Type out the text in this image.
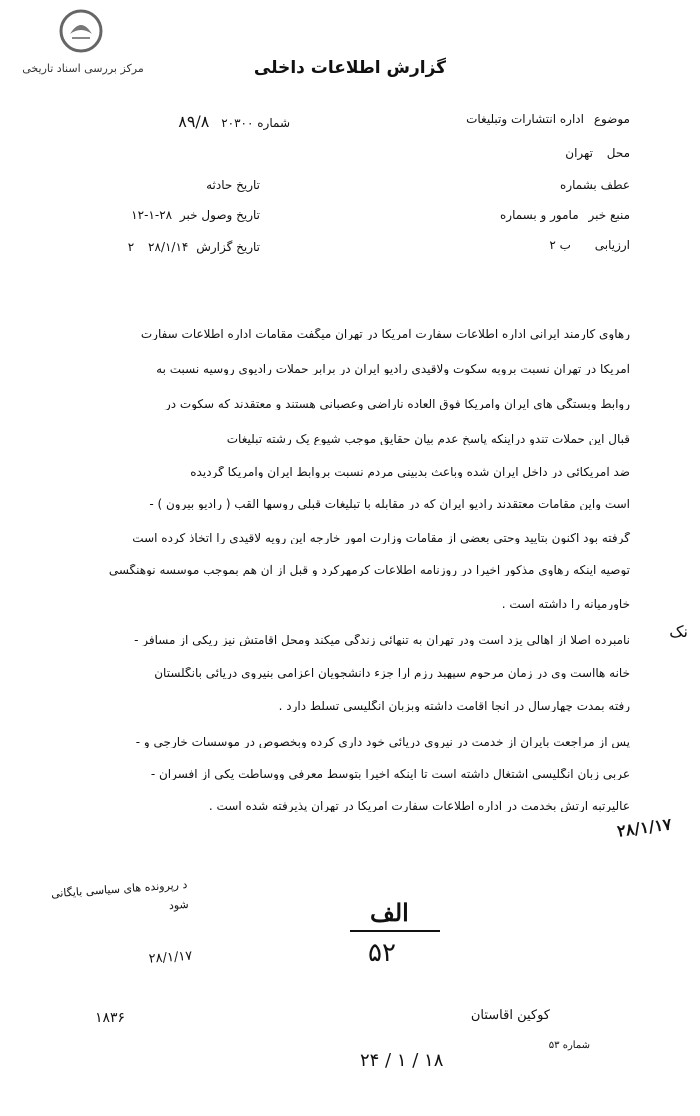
مرکز بررسی اسناد تاریخی	گزارش اطلاعات داخلی
موضوع اداره انتشارات وتبلیغات
محل تهران
عطف بشماره
منبع خبر مامور و بسماره
ارزیابی ب ۲
شماره ۲۰۳۰۰ ۸۹/۸
تاریخ حادثه
تاریخ وصول خبر ۲۸-۱-۱۲
تاریخ گزارش ۲۸/۱/۱۴ ۲
رهاوی کارمند ایرانی اداره اطلاعات سفارت آمریکا در تهران میگفت مقامات اداره اطلاعات سفارت
آمریکا در تهران نسبت بروبه سکوت ولاقیدی رادیو ایران در برابر حملات رادیوی روسیه نسبت به
روابط وبستگی های ایران وآمریکا فوق العاده ناراضی وعصبانی هستند و معتقدند که سکوت در
قبال این حملات تندو دراینکه پاسخ عدم بیان حقایق موجب شیوع یک رشته تبلیغات
ضد آمریکائی در داخل ایران شده وباعث بدبینی مردم نسبت بروابط ایران وآمریکا گردیده
است واین مقامات معتقدند رادیو ایران که در مقابله با تبلیغات قبلی روسها القب ( رادیو بیرون ) -
گرفته بود اکنون بتایید وحتی بعضی از مقامات وزارت امور خارجه این رویه لاقیدی را اتخاذ کرده است
توصیه اینکه رهاوی مذکور اخیرا در روزنامه اطلاعات کرمهرکرد و قبل از آن هم بموجب موسسه نوهنگسی
خاورمیانه را داشته است .
نامبرده اصلا از اهالی یزد است ودر تهران به تنهائی زندگی میکند ومحل اقامتش نیز ریکی از مسافر -
خانه هااست وی در زمان مرحوم سپهبد رزم آرا جزء دانشجویان اعزامی بنیروی دریائی بانگلستان
رفته بمدت چهارسال در آنجا اقامت داشته وبزبان انگلیسی تسلط دارد .
پس از مراجعت بایران از خدمت در نیروی دریائی خود داری کرده وبخصوص در موسسات خارجی و -
عربی زبان انگلیسی اشتغال داشته است تا اینکه اخیرا بتوسط معرفی ووساطت یکی از افسران -
عالیرتبه ارتش بخدمت در اداره اطلاعات سفارت آمریکا در تهران پذیرفته شده است .
نک
۲۸/۱/۱۷
د رپرونده های سیاسی بایگانی شود
۲۸/۱/۱۷
۱۸۳۶
الف
۵۲
کوکین اقاستان
شماره ۵۳
۲۴ / ۱ / ۱۸
